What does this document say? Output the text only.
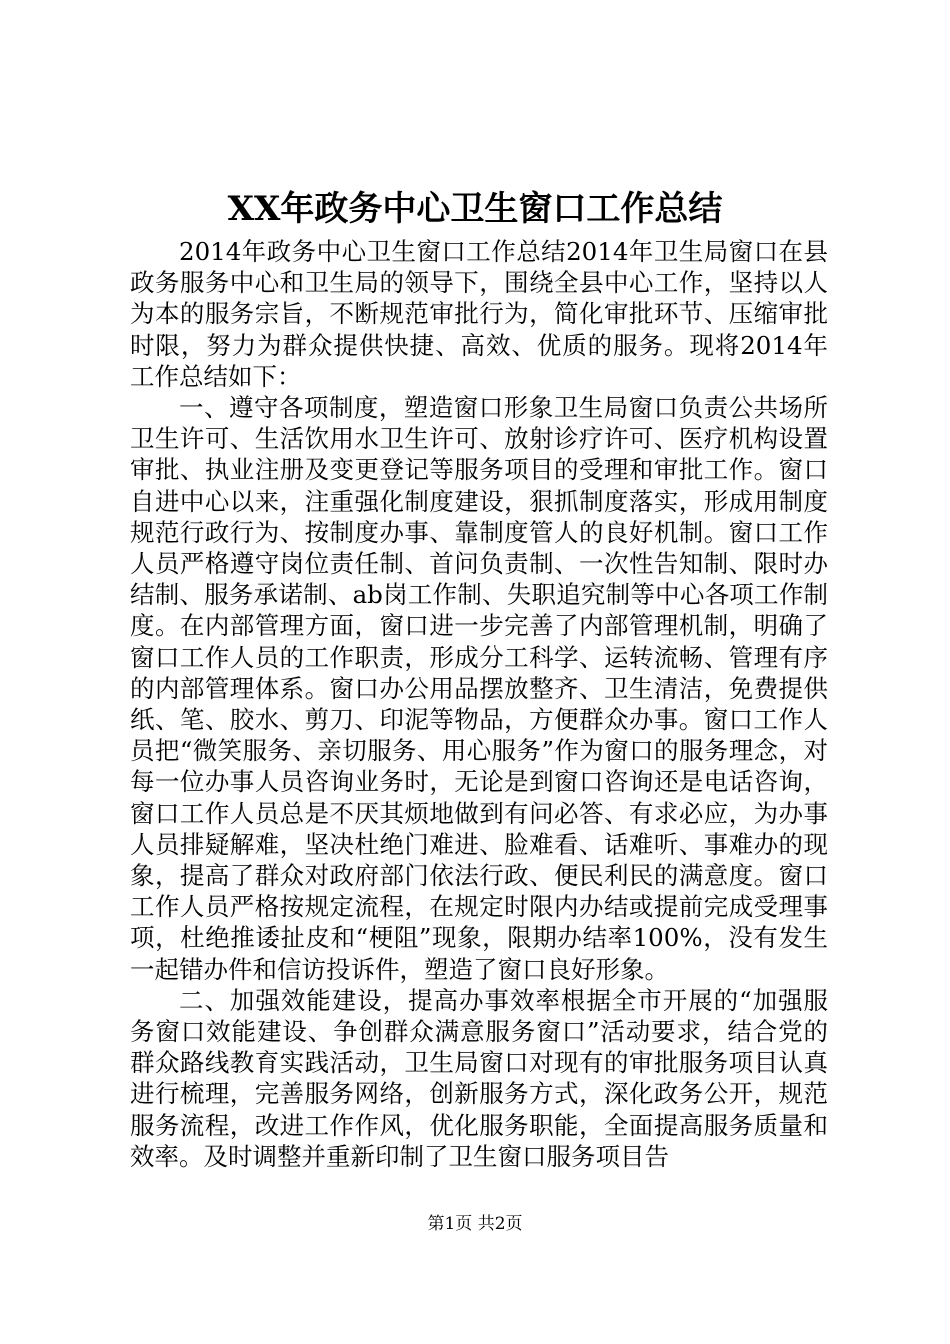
XX年政务中心卫生窗口工作总结

2014年政务中心卫生窗口工作总结2014年卫生局窗口在县政务服务中心和卫生局的领导下，围绕全县中心工作，坚持以人为本的服务宗旨，不断规范审批行为，简化审批环节、压缩审批时限，努力为群众提供快捷、高效、优质的服务。现将2014年工作总结如下：

一、遵守各项制度，塑造窗口形象卫生局窗口负责公共场所卫生许可、生活饮用水卫生许可、放射诊疗许可、医疗机构设置审批、执业注册及变更登记等服务项目的受理和审批工作。窗口自进中心以来，注重强化制度建设，狠抓制度落实，形成用制度规范行政行为、按制度办事、靠制度管人的良好机制。窗口工作人员严格遵守岗位责任制、首问负责制、一次性告知制、限时办结制、服务承诺制、ab岗工作制、失职追究制等中心各项工作制度。在内部管理方面，窗口进一步完善了内部管理机制，明确了窗口工作人员的工作职责，形成分工科学、运转流畅、管理有序的内部管理体系。窗口办公用品摆放整齐、卫生清洁，免费提供纸、笔、胶水、剪刀、印泥等物品，方便群众办事。窗口工作人员把“微笑服务、亲切服务、用心服务”作为窗口的服务理念，对每一位办事人员咨询业务时，无论是到窗口咨询还是电话咨询，窗口工作人员总是不厌其烦地做到有问必答、有求必应，为办事人员排疑解难，坚决杜绝门难进、脸难看、话难听、事难办的现象，提高了群众对政府部门依法行政、便民利民的满意度。窗口工作人员严格按规定流程，在规定时限内办结或提前完成受理事项，杜绝推诿扯皮和“梗阻”现象，限期办结率100%，没有发生一起错办件和信访投诉件，塑造了窗口良好形象。

二、加强效能建设，提高办事效率根据全市开展的“加强服务窗口效能建设、争创群众满意服务窗口”活动要求，结合党的群众路线教育实践活动，卫生局窗口对现有的审批服务项目认真进行梳理，完善服务网络，创新服务方式，深化政务公开，规范服务流程，改进工作作风，优化服务职能，全面提高服务质量和效率。及时调整并重新印制了卫生窗口服务项目告

第1页 共2页
